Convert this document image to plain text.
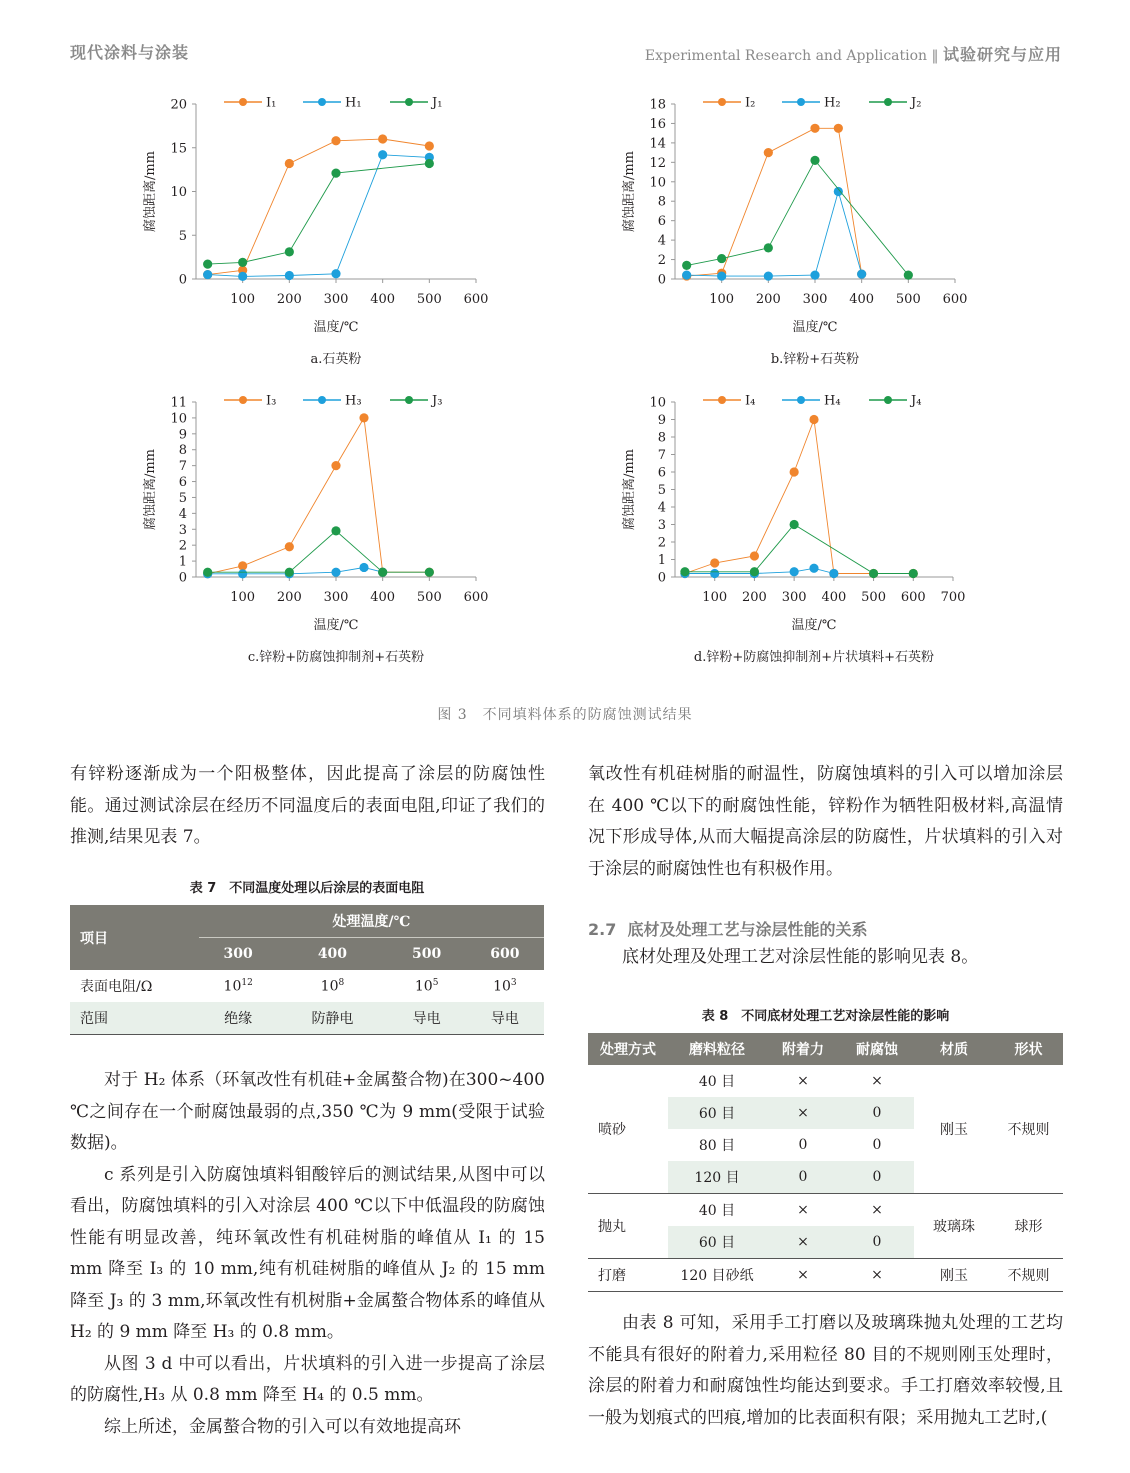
现代涂料与涂装	Experimental Research and Application ‖ 试验研究与应用
0
5
10
15
20
100 200 300 400 500 600
温度/℃
腐蚀距离/mm
a.石英粉
I₁	H₁	J₁
0
2
4
6
8
10
12
14
16
18
100 200 300 400 500 600
温度/℃
腐蚀距离/mm
b.锌粉+石英粉
I₂	H₂	J₂
0
1
2
3
4
5
6
7
8
9
10
11
100 200 300 400 500 600
温度/℃
腐蚀距离/mm
c.锌粉+防腐蚀抑制剂+石英粉
I₃	H₃	J₃
0
1
2
3
4
5
6
7
8
9
10
100 200 300 400 500 600 700
温度/℃
腐蚀距离/mm
d.锌粉+防腐蚀抑制剂+片状填料+石英粉
I₄	H₄	J₄
图 3　不同填料体系的防腐蚀测试结果

有锌粉逐渐成为一个阳极整体，因此提高了涂层的防腐蚀性能。通过测试涂层在经历不同温度后的表面电阻,印证了我们的推测,结果见表 7。

表 7　不同温度处理以后涂层的表面电阻
项目	处理温度/℃			
	300	400	500	600
表面电阻/Ω	$10^{12}$	$10^8$	$10^5$	$10^3$
范围	绝缘	防静电	导电	导电

对于 H₂ 体系（环氧改性有机硅+金属螯合物)在300~400 ℃之间存在一个耐腐蚀最弱的点,350 ℃为 9 mm(受限于试验数据)。

c 系列是引入防腐蚀填料钼酸锌后的测试结果,从图中可以看出，防腐蚀填料的引入对涂层 400 ℃以下中低温段的防腐蚀性能有明显改善，纯环氧改性有机硅树脂的峰值从 I₁ 的 15 mm 降至 I₃ 的 10 mm,纯有机硅树脂的峰值从 J₂ 的 15 mm 降至 J₃ 的 3 mm,环氧改性有机树脂+金属螯合物体系的峰值从 H₂ 的 9 mm 降至 H₃ 的 0.8 mm。

从图 3 d 中可以看出，片状填料的引入进一步提高了涂层的防腐性,H₃ 从 0.8 mm 降至 H₄ 的 0.5 mm。

综上所述，金属螯合物的引入可以有效地提高环

氧改性有机硅树脂的耐温性，防腐蚀填料的引入可以增加涂层在 400 ℃以下的耐腐蚀性能，锌粉作为牺牲阳极材料,高温情况下形成导体,从而大幅提高涂层的防腐性，片状填料的引入对于涂层的耐腐蚀性也有积极作用。

2.7 底材及处理工艺与涂层性能的关系

底材处理及处理工艺对涂层性能的影响见表 8。

表 8　不同底材处理工艺对涂层性能的影响
处理方式	磨料粒径	附着力	耐腐蚀	材质	形状
喷砂	40 目	×	×	刚玉	不规则
	60 目	×	0		
	80 目	0	0		
	120 目	0	0		
抛丸	40 目	×	×	玻璃珠	球形
	60 目	×	0		
打磨	120 目砂纸	×	×	刚玉	不规则

由表 8 可知，采用手工打磨以及玻璃珠抛丸处理的工艺均不能具有很好的附着力,采用粒径 80 目的不规则刚玉处理时，涂层的附着力和耐腐蚀性均能达到要求。手工打磨效率较慢,且一般为划痕式的凹痕,增加的比表面积有限；采用抛丸工艺时,(
